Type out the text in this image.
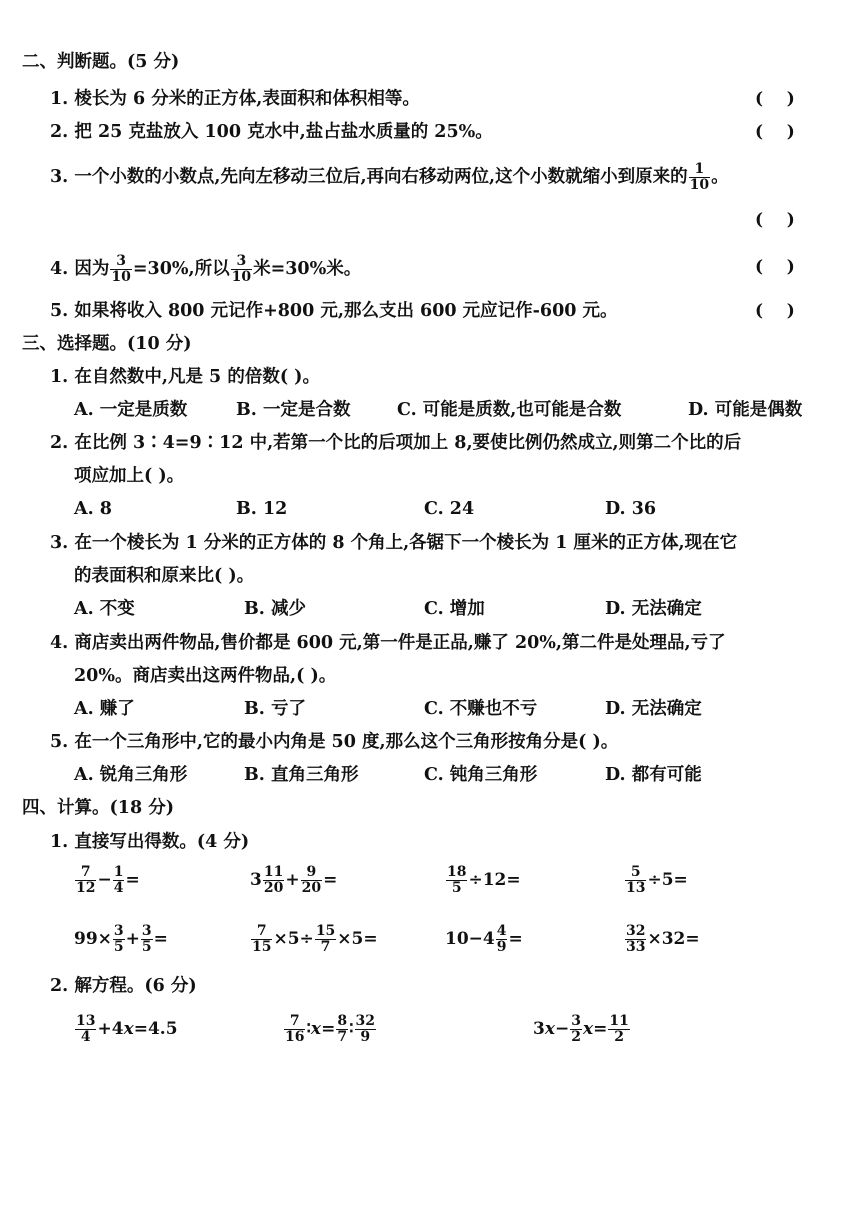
二、判断题。(5 分)
1. 棱长为 6 分米的正方体,表面积和体积相等。	(    )
2. 把 25 克盐放入 100 克水中,盐占盐水质量的 25%。	(    )
3. 一个小数的小数点,先向左移动三位后,再向右移动两位,这个小数就缩小到原来的 $\frac{1}{10}$ 。
(    )
4. 因为 $\frac{3}{10} =30\%$,所以 $\frac{3}{10}$ 米=30%米。	(    )
5. 如果将收入 800 元记作+800 元,那么支出 600 元应记作-600 元。	(    )
三、选择题。(10 分)
1. 在自然数中,凡是 5 的倍数( )。
A. 一定是质数	B. 一定是合数	C. 可能是质数,也可能是合数	D. 可能是偶数
2. 在比例 3∶4=9∶12 中,若第一个比的后项加上 8,要使比例仍然成立,则第二个比的后
项应加上( )。
A. 8	B. 12	C. 24	D. 36
3. 在一个棱长为 1 分米的正方体的 8 个角上,各锯下一个棱长为 1 厘米的正方体,现在它
的表面积和原来比( )。
A. 不变	B. 减少	C. 增加	D. 无法确定
4. 商店卖出两件物品,售价都是 600 元,第一件是正品,赚了 20%,第二件是处理品,亏了
20%。商店卖出这两件物品,( )。
A. 赚了	B. 亏了	C. 不赚也不亏	D. 无法确定
5. 在一个三角形中,它的最小内角是 50 度,那么这个三角形按角分是( )。
A. 锐角三角形	B. 直角三角形	C. 钝角三角形	D. 都有可能
四、计算。(18 分)
1. 直接写出得数。(4 分)
$\frac{7}{12} - \frac{1}{4}$ =	$3 \frac{11}{20} + \frac{9}{20}$ =	$\frac{18}{5} \div 12=$	$\frac{5}{13} \div 5=$
$99\times \frac{3}{5} + \frac{3}{5}$ =	$\frac{7}{15} \times 5\div \frac{15}{7} \times 5=$	$10-4 \frac{4}{9}$ =	$\frac{32}{33} \times 32=$
2. 解方程。(6 分)
$\frac{13}{4} +4x=4.5$	$\frac{7}{16}$ ∶x= $\frac{8}{7}$ ∶ $\frac{32}{9}$	$3x- \frac{3}{2} x= \frac{11}{2}$
